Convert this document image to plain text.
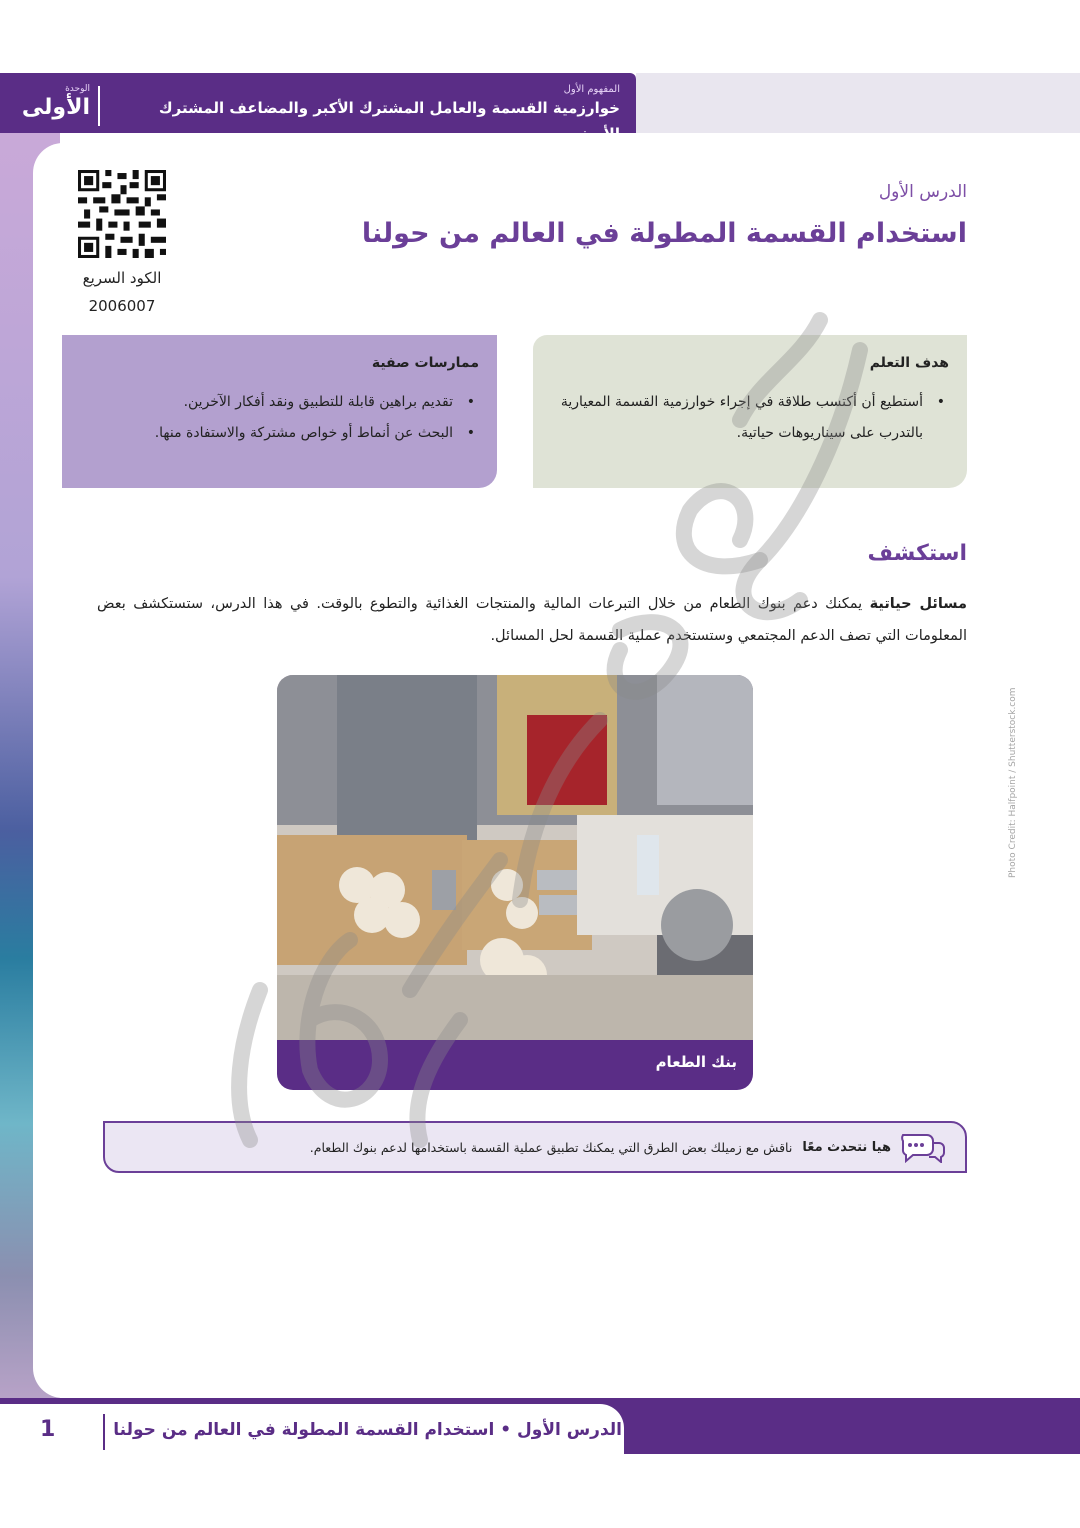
الوحدة
الأولى
المفهوم الأول
خوارزمية القسمة والعامل المشترك الأكبر والمضاعف المشترك الأصغر
الكود السريع
2006007
الدرس الأول
استخدام القسمة المطولة في العالم من حولنا
ممارسات صفية
• تقديم براهين قابلة للتطبيق ونقد أفكار الآخرين.
• البحث عن أنماط أو خواص مشتركة والاستفادة منها.
هدف التعلم
• أستطيع أن أكتسب طلاقة في إجراء خوارزمية القسمة المعيارية بالتدرب على سيناريوهات حياتية.
استكشف
مسائل حياتية يمكنك دعم بنوك الطعام من خلال التبرعات المالية والمنتجات الغذائية والتطوع بالوقت. في هذا الدرس، ستستكشف بعض المعلومات التي تصف الدعم المجتمعي وستستخدم عملية القسمة لحل المسائل.
بنك الطعام
Photo Credit: Halfpoint / Shutterstock.com
هيا نتحدث معًا
ناقش مع زميلك بعض الطرق التي يمكنك تطبيق عملية القسمة باستخدامها لدعم بنوك الطعام.
1	الدرس الأول • استخدام القسمة المطولة في العالم من حولنا
